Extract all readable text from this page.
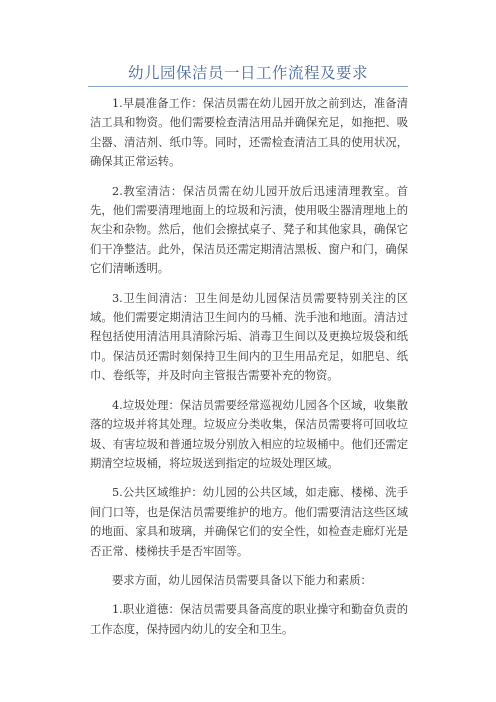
幼儿园保洁员一日工作流程及要求

1.早晨准备工作：保洁员需在幼儿园开放之前到达，准备清洁工具和物资。他们需要检查清洁用品并确保充足，如拖把、吸尘器、清洁剂、纸巾等。同时，还需检查清洁工具的使用状况，确保其正常运转。

2.教室清洁：保洁员需在幼儿园开放后迅速清理教室。首先，他们需要清理地面上的垃圾和污渍，使用吸尘器清理地上的灰尘和杂物。然后，他们会擦拭桌子、凳子和其他家具，确保它们干净整洁。此外，保洁员还需定期清洁黑板、窗户和门，确保它们清晰透明。

3.卫生间清洁：卫生间是幼儿园保洁员需要特别关注的区域。他们需要定期清洁卫生间内的马桶、洗手池和地面。清洁过程包括使用清洁用具清除污垢、消毒卫生间以及更换垃圾袋和纸巾。保洁员还需时刻保持卫生间内的卫生用品充足，如肥皂、纸巾、卷纸等，并及时向主管报告需要补充的物资。

4.垃圾处理：保洁员需要经常巡视幼儿园各个区域，收集散落的垃圾并将其处理。垃圾应分类收集，保洁员需要将可回收垃圾、有害垃圾和普通垃圾分别放入相应的垃圾桶中。他们还需定期清空垃圾桶，将垃圾送到指定的垃圾处理区域。

5.公共区域维护：幼儿园的公共区域，如走廊、楼梯、洗手间门口等，也是保洁员需要维护的地方。他们需要清洁这些区域的地面、家具和玻璃，并确保它们的安全性，如检查走廊灯光是否正常、楼梯扶手是否牢固等。

要求方面，幼儿园保洁员需要具备以下能力和素质：

1.职业道德：保洁员需要具备高度的职业操守和勤奋负责的工作态度，保持园内幼儿的安全和卫生。
